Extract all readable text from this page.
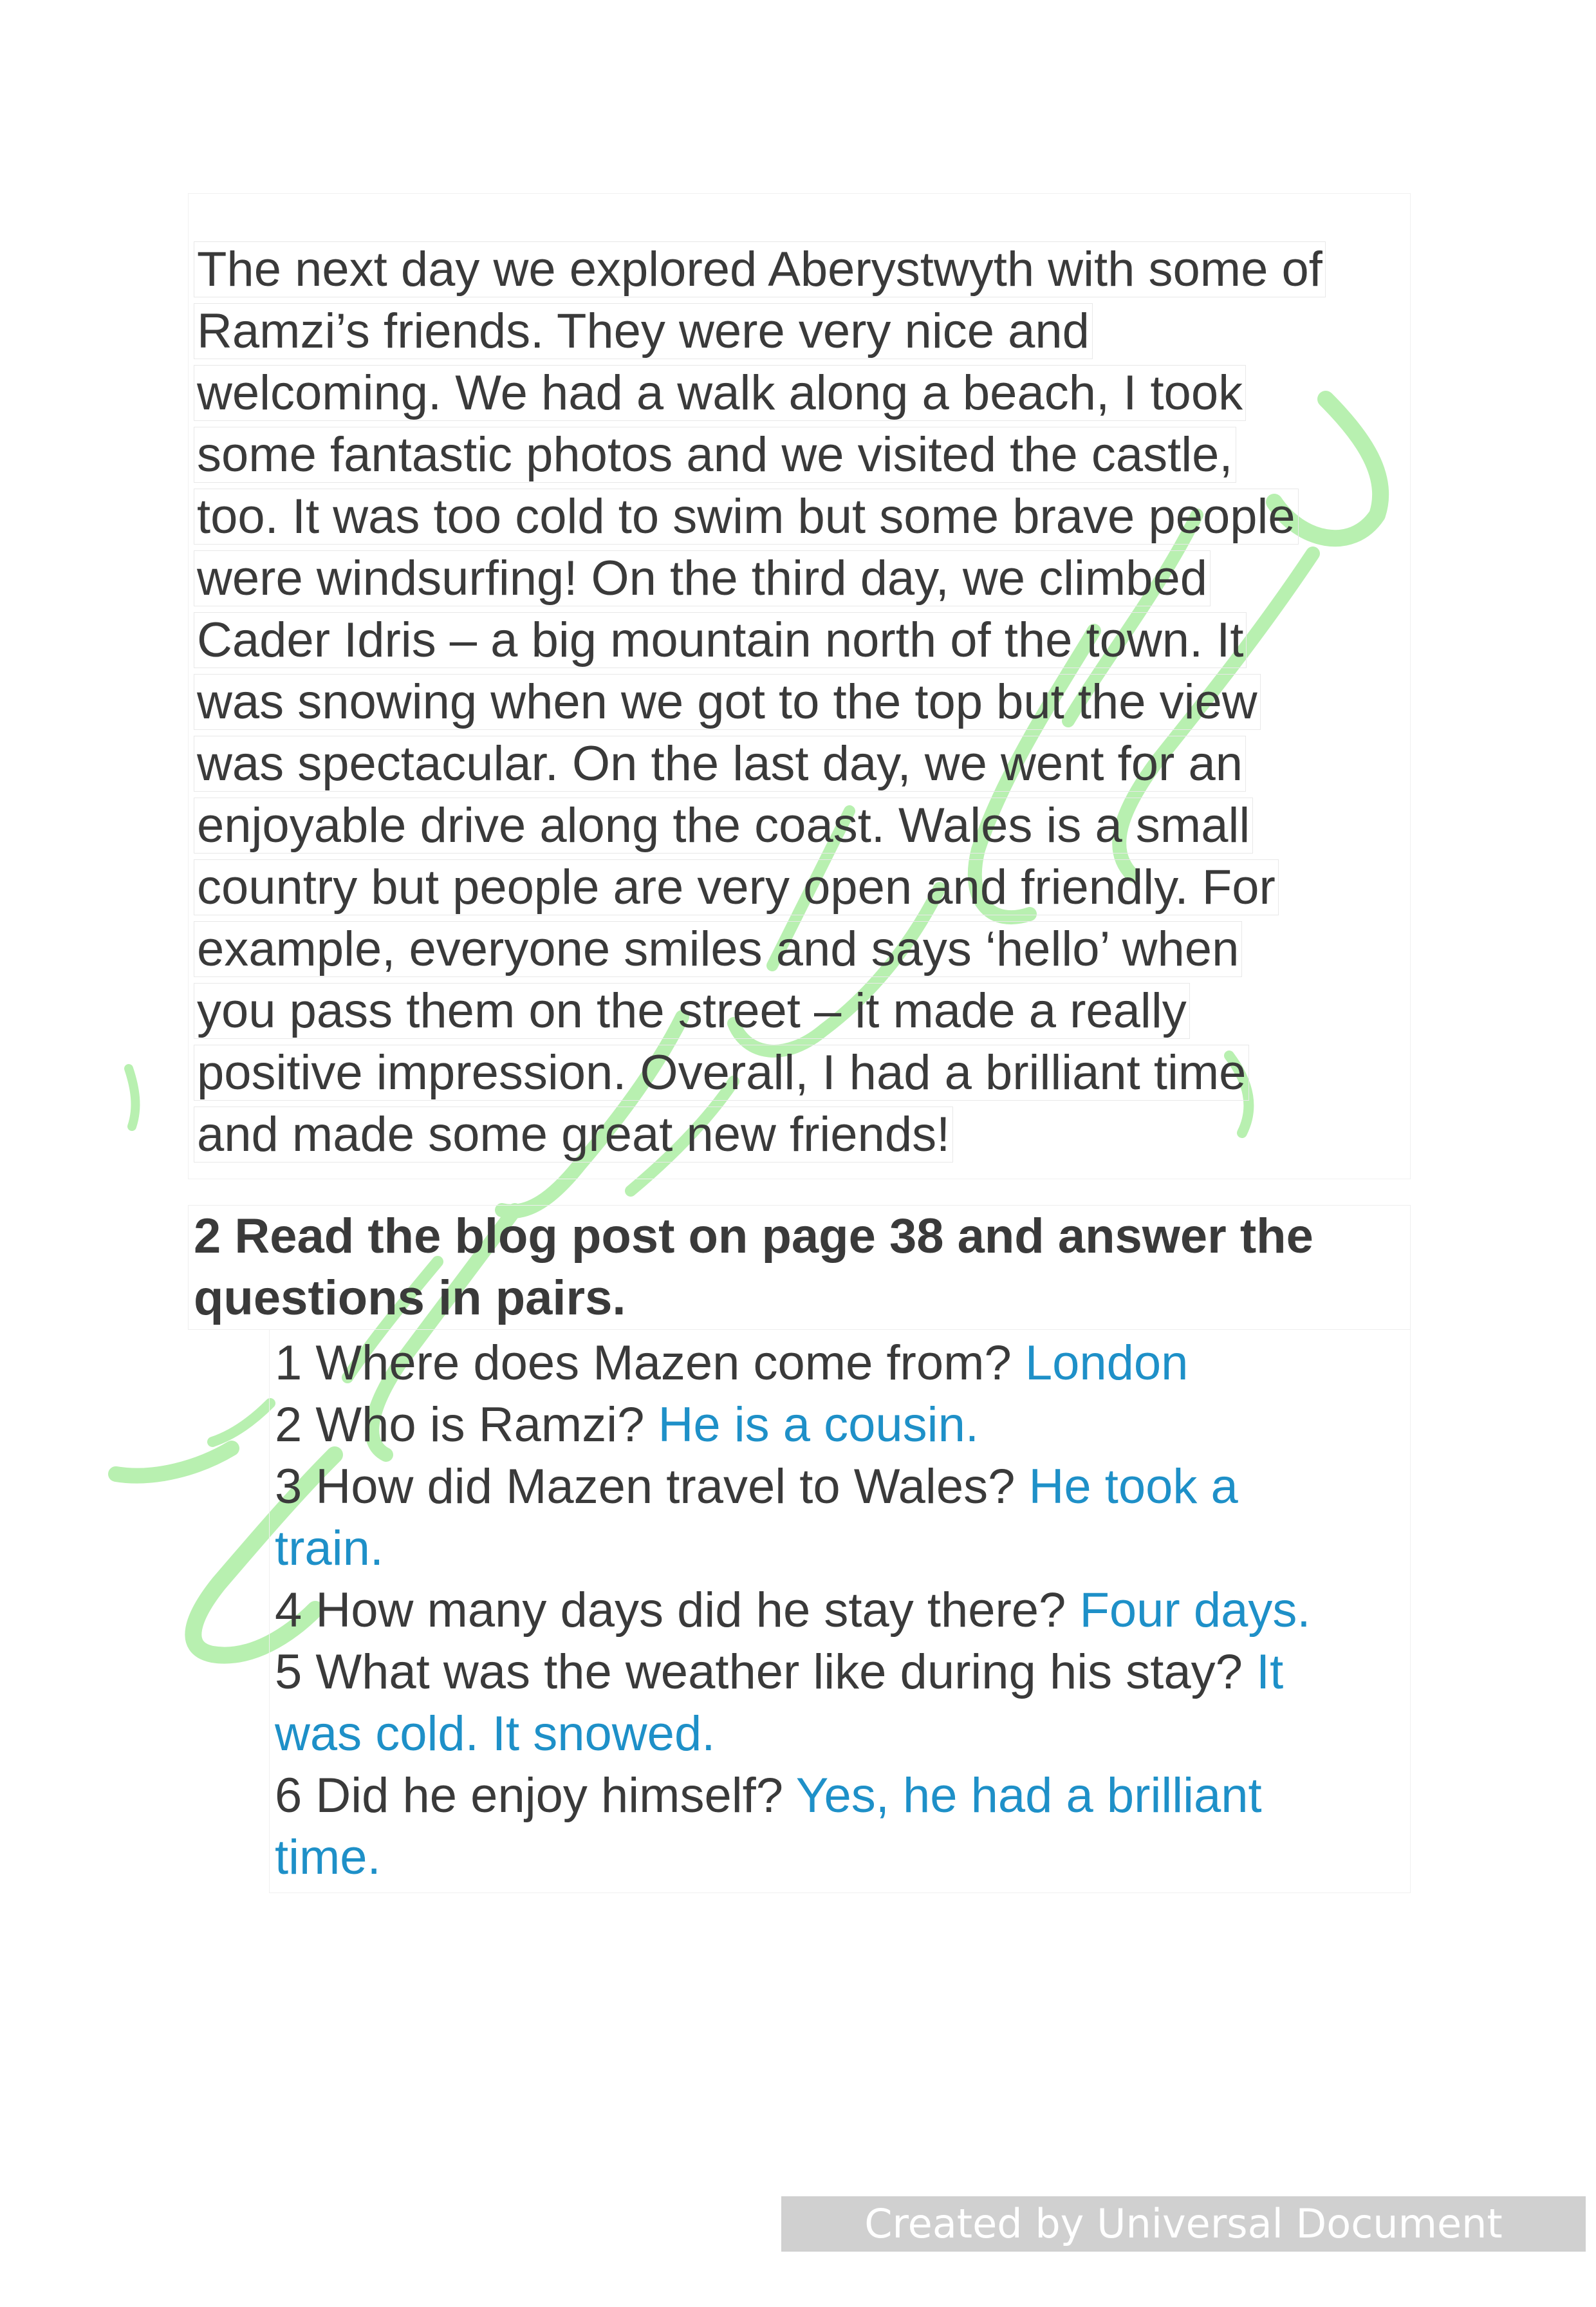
The next day we explored Aberystwyth with some of
Ramzi’s friends. They were very nice and
welcoming. We had a walk along a beach, I took
some fantastic photos and we visited the castle,
too. It was too cold to swim but some brave people
were windsurfing! On the third day, we climbed
Cader Idris – a big mountain north of the town. It
was snowing when we got to the top but the view
was spectacular. On the last day, we went for an
enjoyable drive along the coast. Wales is a small
country but people are very open and friendly. For
example, everyone smiles and says ‘hello’ when
you pass them on the street – it made a really
positive impression. Overall, I had a brilliant time
and made some great new friends!
2 Read the blog post on page 38 and answer the
questions in pairs.
1 Where does Mazen come from? London
2 Who is Ramzi? He is a cousin.
3 How did Mazen travel to Wales? He took a
train.
4 How many days did he stay there? Four days.
5 What was the weather like during his stay? It
was cold. It snowed.
6 Did he enjoy himself? Yes, he had a brilliant
time.
Created by Universal Document Converter
